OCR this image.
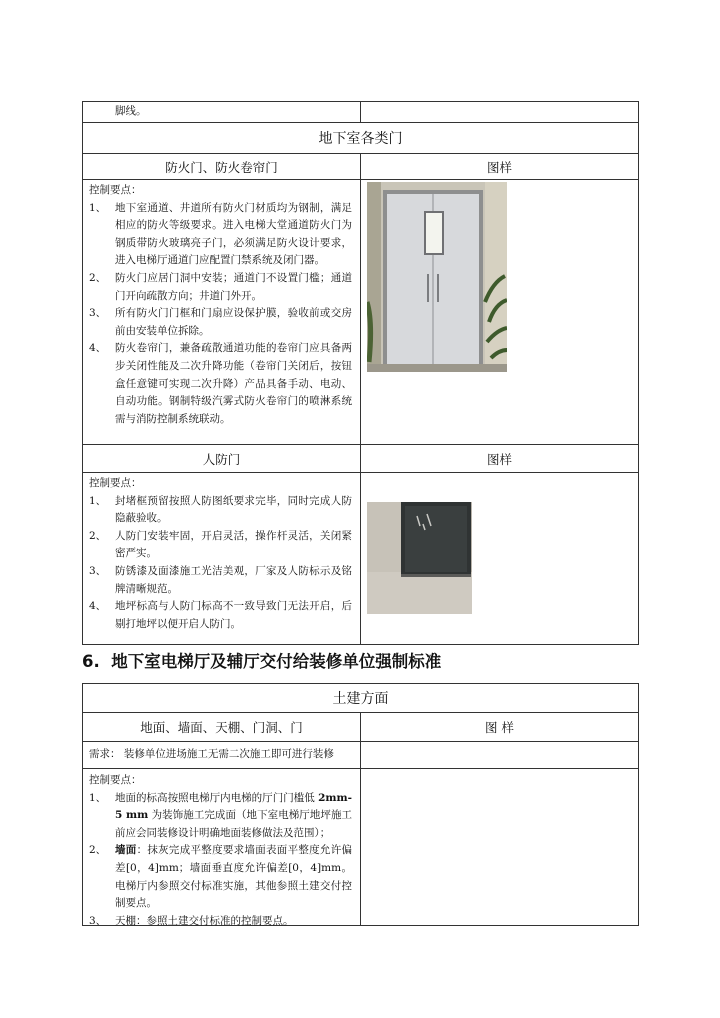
脚线。
地下室各类门
防火门、防火卷帘门	图样
控制要点：
1、 地下室通道、井道所有防火门材质均为钢制，满足相应的防火等级要求。进入电梯大堂通道防火门为钢质带防火玻璃亮子门，必须满足防火设计要求，进入电梯厅通道门应配置门禁系统及闭门器。
2、 防火门应居门洞中安装；通道门不设置门槛；通道门开向疏散方向；井道门外开。
3、 所有防火门门框和门扇应设保护膜，验收前或交房前由安装单位拆除。
4、 防火卷帘门，兼备疏散通道功能的卷帘门应具备两步关闭性能及二次升降功能（卷帘门关闭后，按钮盒任意键可实现二次升降）产品具备手动、电动、自动功能。钢制特级汽雾式防火卷帘门的喷淋系统需与消防控制系统联动。
人防门	图样
控制要点：
1、 封堵框预留按照人防图纸要求完毕，同时完成人防隐蔽验收。
2、 人防门安装牢固，开启灵活，操作杆灵活，关闭紧密严实。
3、 防锈漆及面漆施工光洁美观，厂家及人防标示及铭牌清晰规范。
4、 地坪标高与人防门标高不一致导致门无法开启，后剔打地坪以便开启人防门。
6. 地下室电梯厅及辅厅交付给装修单位强制标准
土建方面
地面、墙面、天棚、门洞、门	图 样
需求： 装修单位进场施工无需二次施工即可进行装修
控制要点：
1、 地面的标高按照电梯厅内电梯的厅门门槛低 2mm-5 mm 为装饰施工完成面（地下室电梯厅地坪施工前应会同装修设计明确地面装修做法及范围）；
2、 墙面：抹灰完成平整度要求墙面表面平整度允许偏差[0，4]mm；墙面垂直度允许偏差[0，4]mm。电梯厅内参照交付标准实施，其他参照土建交付控制要点。
3、 天棚：参照土建交付标准的控制要点。
